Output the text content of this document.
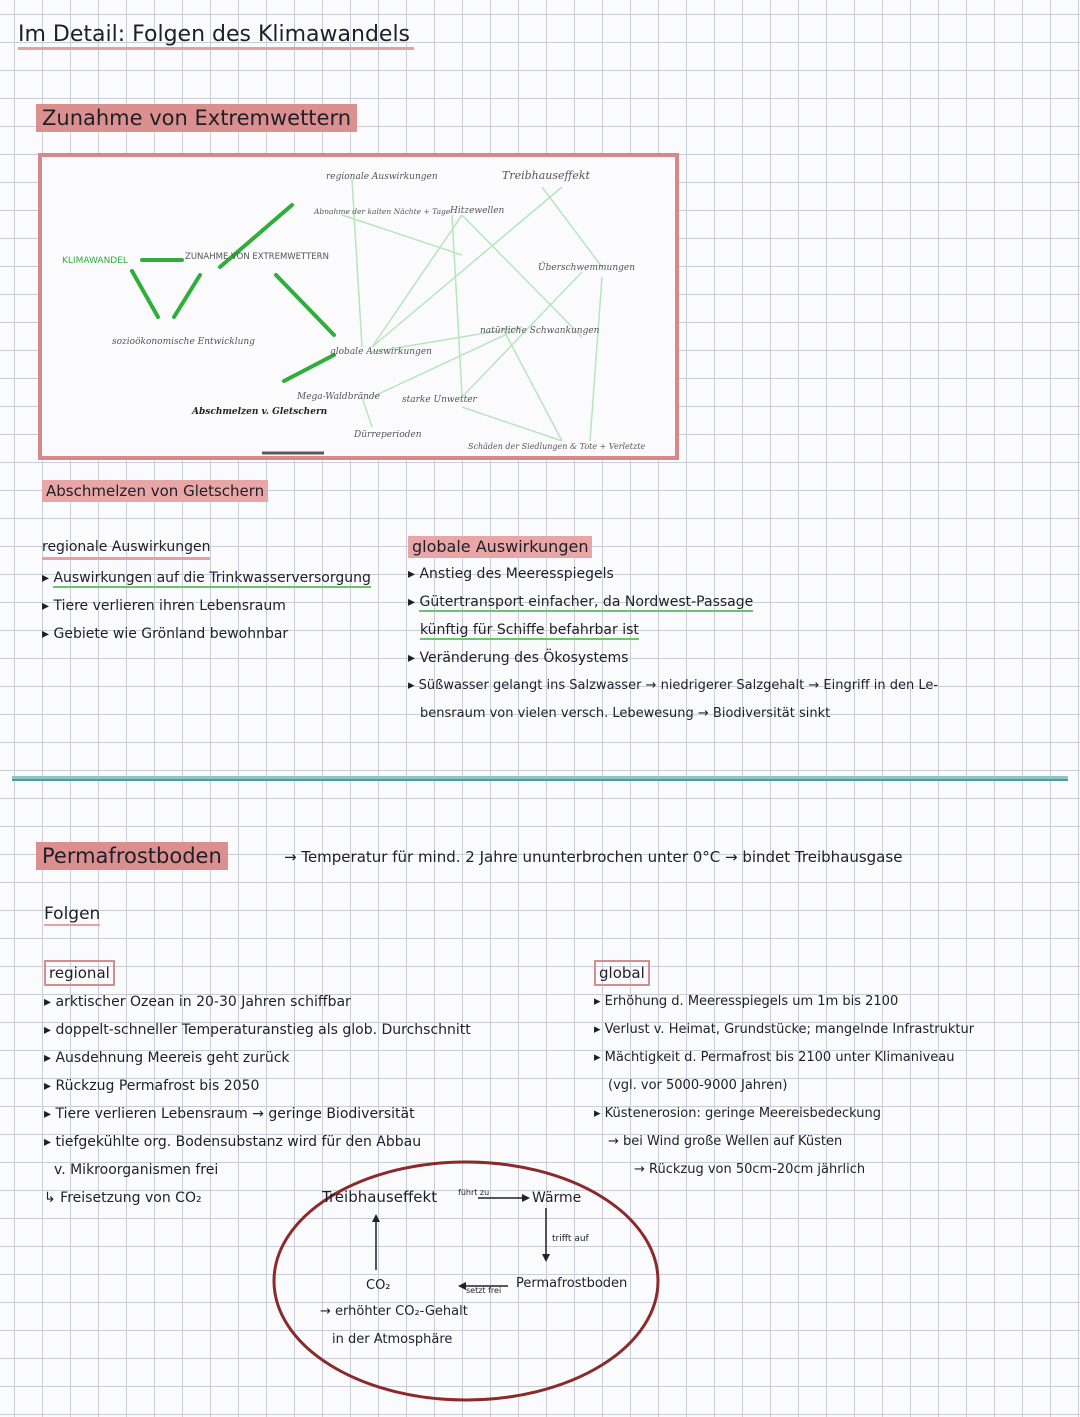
Im Detail: Folgen des Klimawandels
Zunahme von Extremwettern
KLIMAWANDEL	ZUNAHME VON EXTREMWETTERN
sozioökonomische Entwicklung
regionale Auswirkungen
Abnahme der kalten Nächte + Tage Hitzewellen
Treibhauseffekt
Überschwemmungen
natürliche Schwankungen
globale Auswirkungen
Mega-Waldbrände starke Unwetter
Abschmelzen v. Gletschern
Dürreperioden
Schäden der Siedlungen & Tote + Verletzte
Abschmelzen von Gletschern
regionale Auswirkungen
▸ Auswirkungen auf die Trinkwasserversorgung
▸ Tiere verlieren ihren Lebensraum
▸ Gebiete wie Grönland bewohnbar
globale Auswirkungen
▸ Anstieg des Meeresspiegels
▸ Gütertransport einfacher, da Nordwest-Passage
künftig für Schiffe befahrbar ist
▸ Veränderung des Ökosystems
▸ Süßwasser gelangt ins Salzwasser → niedrigerer Salzgehalt → Eingriff in den Le-
bensraum von vielen versch. Lebewesung → Biodiversität sinkt
Permafrostboden	→ Temperatur für mind. 2 Jahre ununterbrochen unter 0°C → bindet Treibhausgase
Folgen
regional
▸ arktischer Ozean in 20-30 Jahren schiffbar
▸ doppelt-schneller Temperaturanstieg als glob. Durchschnitt
▸ Ausdehnung Meereis geht zurück
▸ Rückzug Permafrost bis 2050
▸ Tiere verlieren Lebensraum → geringe Biodiversität
▸ tiefgekühlte org. Bodensubstanz wird für den Abbau
v. Mikroorganismen frei
↳ Freisetzung von CO₂
global
▸ Erhöhung d. Meeresspiegels um 1m bis 2100
▸ Verlust v. Heimat, Grundstücke; mangelnde Infrastruktur
▸ Mächtigkeit d. Permafrost bis 2100 unter Klimaniveau
(vgl. vor 5000-9000 Jahren)
▸ Küstenerosion: geringe Meereisbedeckung
→ bei Wind große Wellen auf Küsten
→ Rückzug von 50cm-20cm jährlich
Treibhauseffekt	führt zu	Wärme
trifft auf
Permafrostboden
setzt frei
CO₂
→ erhöhter CO₂-Gehalt
in der Atmosphäre
